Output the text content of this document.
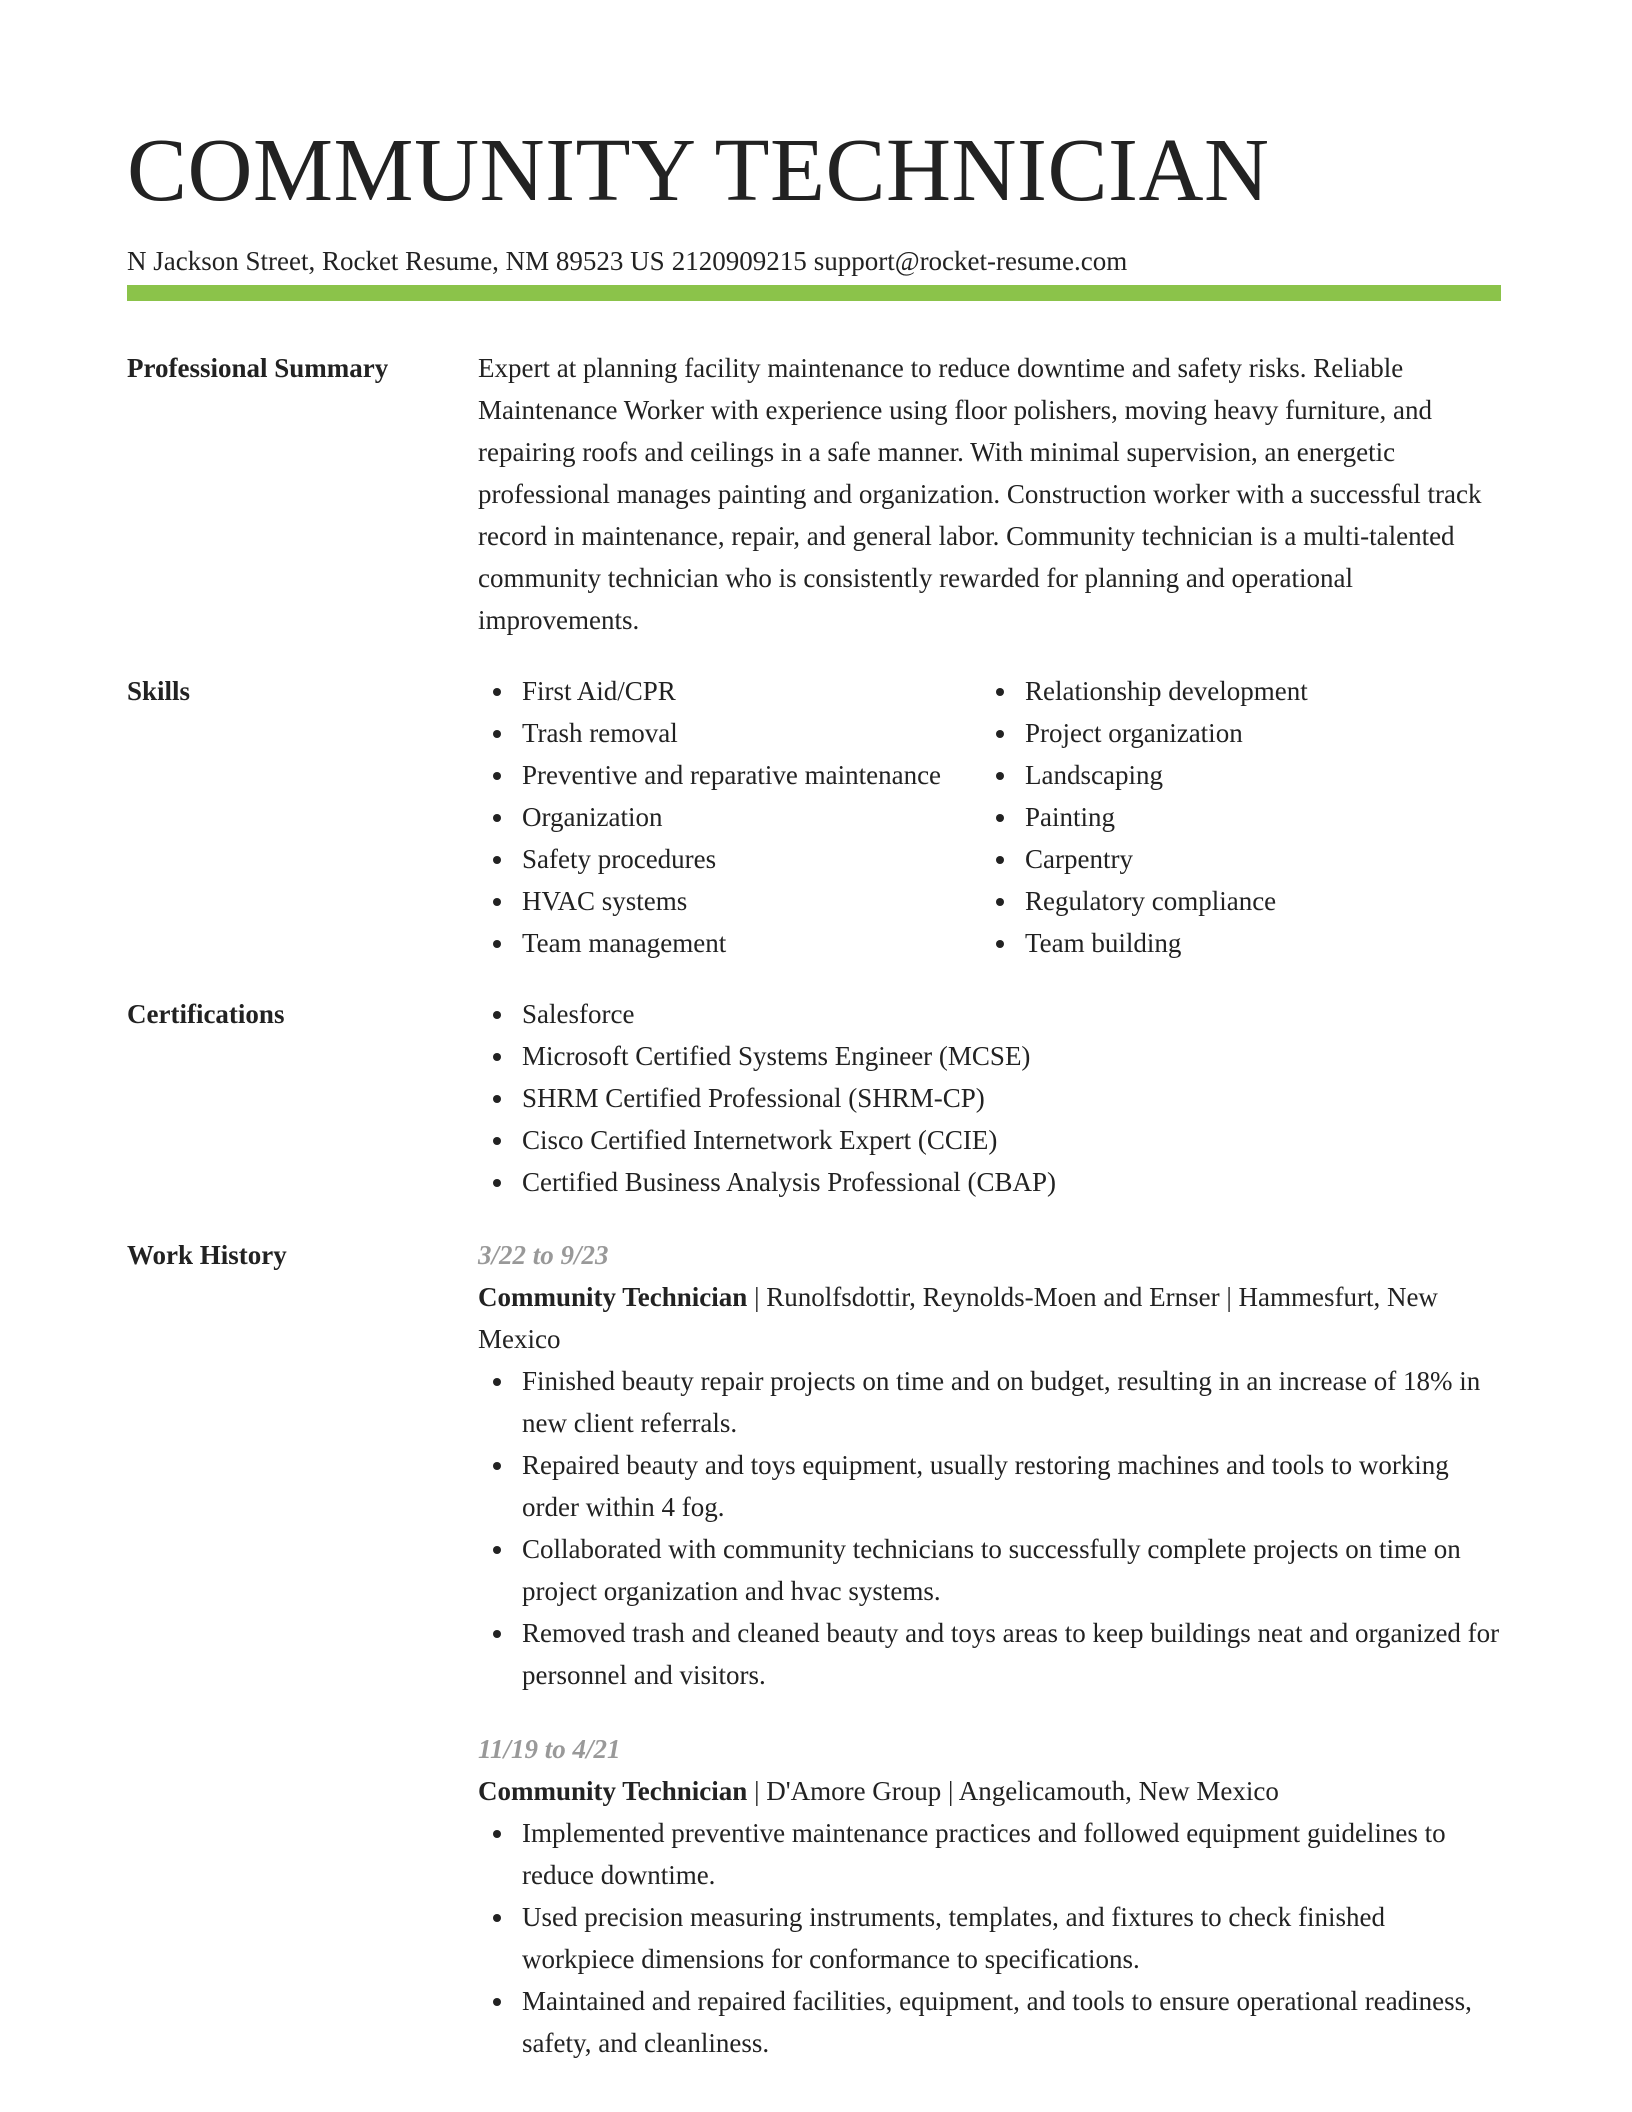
COMMUNITY TECHNICIAN
N Jackson Street, Rocket Resume, NM 89523 US 2120909215 support@rocket-resume.com
Professional Summary	Expert at planning facility maintenance to reduce downtime and safety risks. Reliable Maintenance Worker with experience using floor polishers, moving heavy furniture, and repairing roofs and ceilings in a safe manner. With minimal supervision, an energetic professional manages painting and organization. Construction worker with a successful track record in maintenance, repair, and general labor. Community technician is a multi-talented community technician who is consistently rewarded for planning and operational improvements.

Skills	First Aid/CPR
Trash removal
Preventive and reparative maintenance
Organization
Safety procedures
HVAC systems
Team management
Relationship development
Project organization
Landscaping
Painting
Carpentry
Regulatory compliance
Team building
Certifications	Salesforce
Microsoft Certified Systems Engineer (MCSE)
SHRM Certified Professional (SHRM-CP)
Cisco Certified Internetwork Expert (CCIE)
Certified Business Analysis Professional (CBAP)
Work History	3/22 to 9/23

Community Technician | Runolfsdottir, Reynolds-Moen and Ernser | Hammesfurt, New Mexico

Finished beauty repair projects on time and on budget, resulting in an increase of 18% in new client referrals.
Repaired beauty and toys equipment, usually restoring machines and tools to working order within 4 fog.
Collaborated with community technicians to successfully complete projects on time on project organization and hvac systems.
Removed trash and cleaned beauty and toys areas to keep buildings neat and organized for personnel and visitors.
11/19 to 4/21

Community Technician | D'Amore Group | Angelicamouth, New Mexico

Implemented preventive maintenance practices and followed equipment guidelines to reduce downtime.
Used precision measuring instruments, templates, and fixtures to check finished workpiece dimensions for conformance to specifications.
Maintained and repaired facilities, equipment, and tools to ensure operational readiness, safety, and cleanliness.
